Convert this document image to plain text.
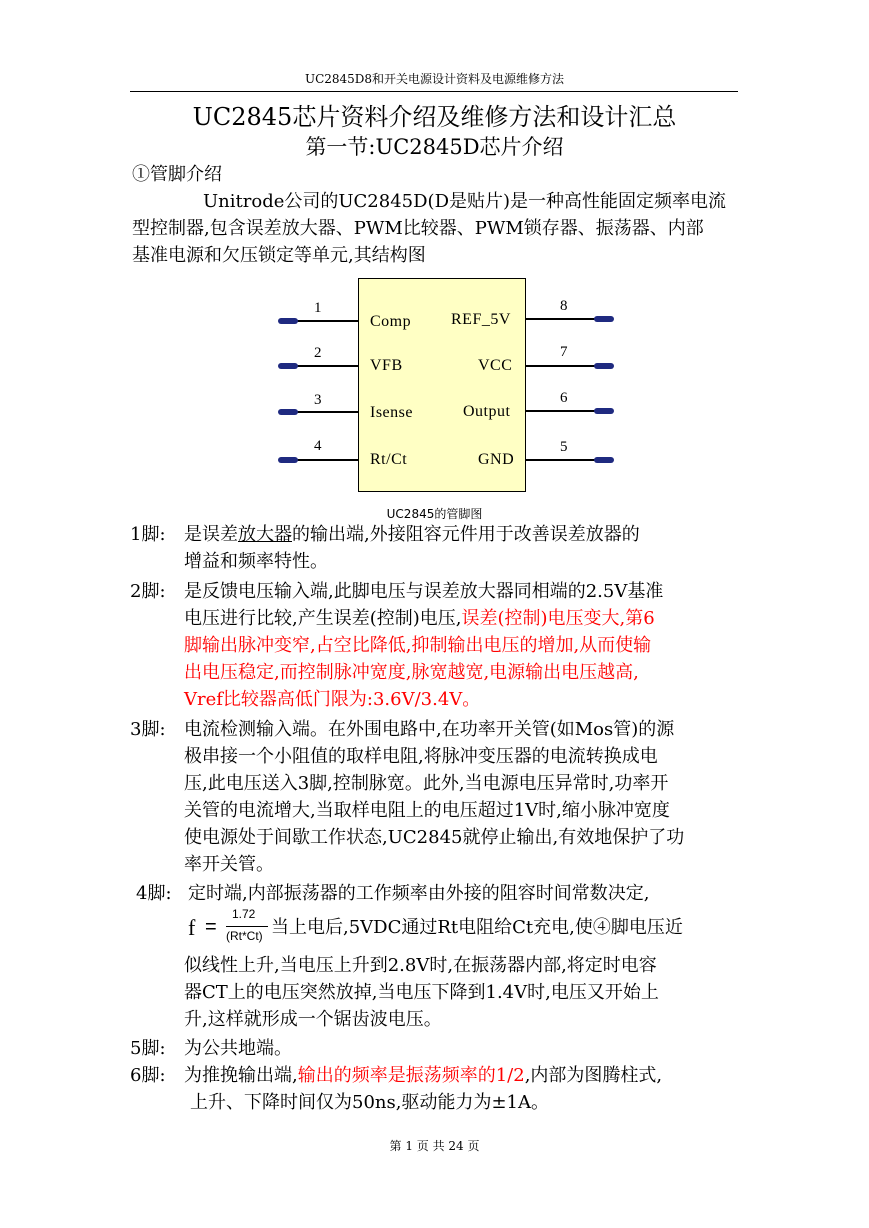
UC2845D8和开关电源设计资料及电源维修方法
UC2845芯片资料介绍及维修方法和设计汇总
第一节:UC2845D芯片介绍
①管脚介绍
Unitrode公司的UC2845D(D是贴片)是一种高性能固定频率电流
型控制器,包含误差放大器、PWM比较器、PWM锁存器、振荡器、内部
基准电源和欠压锁定等单元,其结构图
1
Comp
2
VFB
3
Isense
4
Rt/Ct
8
REF_5V
7
VCC
6
Output
5
GND
UC2845的管脚图
1脚: 是误差放大器的输出端,外接阻容元件用于改善误差放器的
增益和频率特性。
2脚: 是反馈电压输入端,此脚电压与误差放大器同相端的2.5V基准
电压进行比较,产生误差(控制)电压,误差(控制)电压变大,第6
脚输出脉冲变窄,占空比降低,抑制输出电压的增加,从而使输
出电压稳定,而控制脉冲宽度,脉宽越宽,电源输出电压越高,
Vref比较器高低门限为:3.6V/3.4V。
3脚: 电流检测输入端。在外围电路中,在功率开关管(如Mos管)的源
极串接一个小阻值的取样电阻,将脉冲变压器的电流转换成电
压,此电压送入3脚,控制脉宽。此外,当电源电压异常时,功率开
关管的电流增大,当取样电阻上的电压超过1V时,缩小脉冲宽度
使电源处于间歇工作状态,UC2845就停止输出,有效地保护了功
率开关管。
4脚: 定时端,内部振荡器的工作频率由外接的阻容时间常数决定,
f =
1.72
(Rt*Ct) 当上电后,5VDC通过Rt电阻给Ct充电,使④脚电压近
似线性上升,当电压上升到2.8V时,在振荡器内部,将定时电容
器CT上的电压突然放掉,当电压下降到1.4V时,电压又开始上
升,这样就形成一个锯齿波电压。
5脚: 为公共地端。
6脚: 为推挽输出端,输出的频率是振荡频率的1/2,内部为图腾柱式,
上升、下降时间仅为50ns,驱动能力为±1A。
第 1 页 共 24 页
